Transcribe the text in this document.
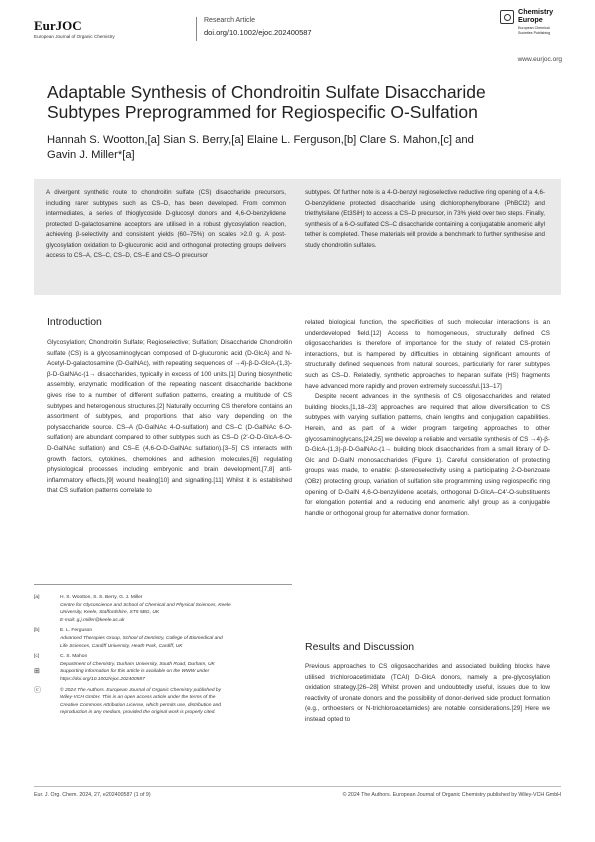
EurJOC
European Journal of Organic Chemistry
Research Article
doi.org/10.1002/ejoc.202400587
Chemistry
Europe
European Chemical
Societies Publishing
www.eurjoc.org
Adaptable Synthesis of Chondroitin Sulfate Disaccharide
Subtypes Preprogrammed for Regiospecific O-Sulfation
Hannah S. Wootton,[a] Sian S. Berry,[a] Elaine L. Ferguson,[b] Clare S. Mahon,[c] and
Gavin J. Miller*[a]
A divergent synthetic route to chondroitin sulfate (CS) disaccharide precursors, including rarer subtypes such as CS–D, has been developed. From common intermediates, a series of thioglycoside D-glucosyl donors and 4,6-O-benzylidene protected D-galactosamine acceptors are utilised in a robust glycosylation reaction, achieving β-selectivity and consistent yields (60–75%) on scales >2.0 g. A post-glycosylation oxidation to D-glucuronic acid and orthogonal protecting groups delivers access to CS–A, CS–C, CS–D, CS–E and CS–O precursor
subtypes. Of further note is a 4-O-benzyl regioselective reductive ring opening of a 4,6-O-benzylidene protected disaccharide using dichlorophenylborane (PhBCl2) and triethylsilane (Et3SiH) to access a CS–D precursor, in 73% yield over two steps. Finally, synthesis of a 6-O-sulfated CS–C disaccharide containing a conjugatable anomeric allyl tether is completed. These materials will provide a benchmark to further synthesise and study chondroitin sulfates.
Introduction
Glycosylation; Chondroitin Sulfate; Regioselective; Sulfation; Disaccharide Chondroitin sulfate (CS) is a glycosaminoglycan composed of D-glucuronic acid (D-GlcA) and N-Acetyl-D-galactosamine (D-GalNAc), with repeating sequences of →4)-β-D-GlcA-(1,3)-β-D-GalNAc-(1→ disaccharides, typically in excess of 100 units.[1] During biosynthetic assembly, enzymatic modification of the repeating nascent disaccharide backbone gives rise to a number of different sulfation patterns, creating a multitude of CS subtypes and heterogenous structures.[2] Naturally occurring CS therefore contains an assortment of subtypes, and proportions that also vary depending on the polysaccharide source. CS–A (D-GalNAc 4-O-sulfation) and CS–C (D-GalNAc 6-O-sulfation) are abundant compared to other subtypes such as CS–D (2′-O-D-GlcA-6-O-D-GalNAc sulfation) and CS–E (4,6-O-D-GalNAc sulfation).[3–5] CS interacts with growth factors, cytokines, chemokines and adhesion molecules,[6] regulating physiological processes including embryonic and brain development,[7,8] anti-inflammatory effects,[9] wound healing[10] and signalling.[11] Whilst it is established that CS sulfation patterns correlate to
[a]	H. S. Wootton, S. S. Berry, G. J. Miller
Centre for Glycoscience and School of Chemical and Physical Sciences, Keele
University, Keele, Staffordshire, ST5 5BG, UK
E-mail: g.j.miller@keele.ac.uk
[b]	E. L. Ferguson
Advanced Therapies Group, School of Dentistry, College of Biomedical and
Life Sciences, Cardiff University, Heath Park, Cardiff, UK
[c]	C. S. Mahon
Department of Chemistry, Durham University, South Road, Durham, UK
⊞	Supporting information for this article is available on the WWW under
https://doi.org/10.1002/ejoc.202400587
ⓒ	© 2024 The Authors. European Journal of Organic Chemistry published by
Wiley-VCH GmbH. This is an open access article under the terms of the
Creative Commons Attribution License, which permits use, distribution and
reproduction in any medium, provided the original work is properly cited.

related biological function, the specificities of such molecular interactions is an underdeveloped field.[12] Access to homogeneous, structurally defined CS oligosaccharides is therefore of importance for the study of related CS-protein interactions, but is hampered by difficulties in obtaining significant amounts of structurally defined sequences from natural sources, particularly for rarer subtypes such as CS–D. Relatedly, synthetic approaches to heparan sulfate (HS) fragments have advanced more rapidly and proven extremely successful.[13–17]

Despite recent advances in the synthesis of CS oligosaccharides and related building blocks,[1,18–23] approaches are required that allow diversification to CS subtypes with varying sulfation patterns, chain lengths and conjugation capabilities. Herein, and as part of a wider program targeting approaches to other glycosaminoglycans,[24,25] we develop a reliable and versatile synthesis of CS →4)-β-D-GlcA-(1,3)-β-D-GalNAc-(1→ building block disaccharides from a small library of D-Glc and D-GalN monosaccharides (Figure 1). Careful consideration of protecting groups was made, to enable: β-stereoselectivity using a participating 2-O-benzoate (OBz) protecting group, variation of sulfation site programming using regiospecific ring opening of D-GalN 4,6-O-benzylidene acetals, orthogonal D-GlcA–C4′-O-substituents for elongation potential and a reducing end anomeric allyl group as a conjugable handle or orthogonal group for alternative donor formation.

Results and Discussion
Previous approaches to CS oligosaccharides and associated building blocks have utilised trichloroacetimidate (TCAI) D-GlcA donors, namely a pre-glycosylation oxidation strategy.[26–28] Whilst proven and undoubtedly useful, issues due to low reactivity of uronate donors and the possibility of donor-derived side product formation (e.g., orthoesters or N-trichloroacetamides) are notable considerations.[29] Here we instead opted to
Eur. J. Org. Chem. 2024, 27, e202400587 (1 of 9)	© 2024 The Authors. European Journal of Organic Chemistry published by Wiley-VCH GmbH
